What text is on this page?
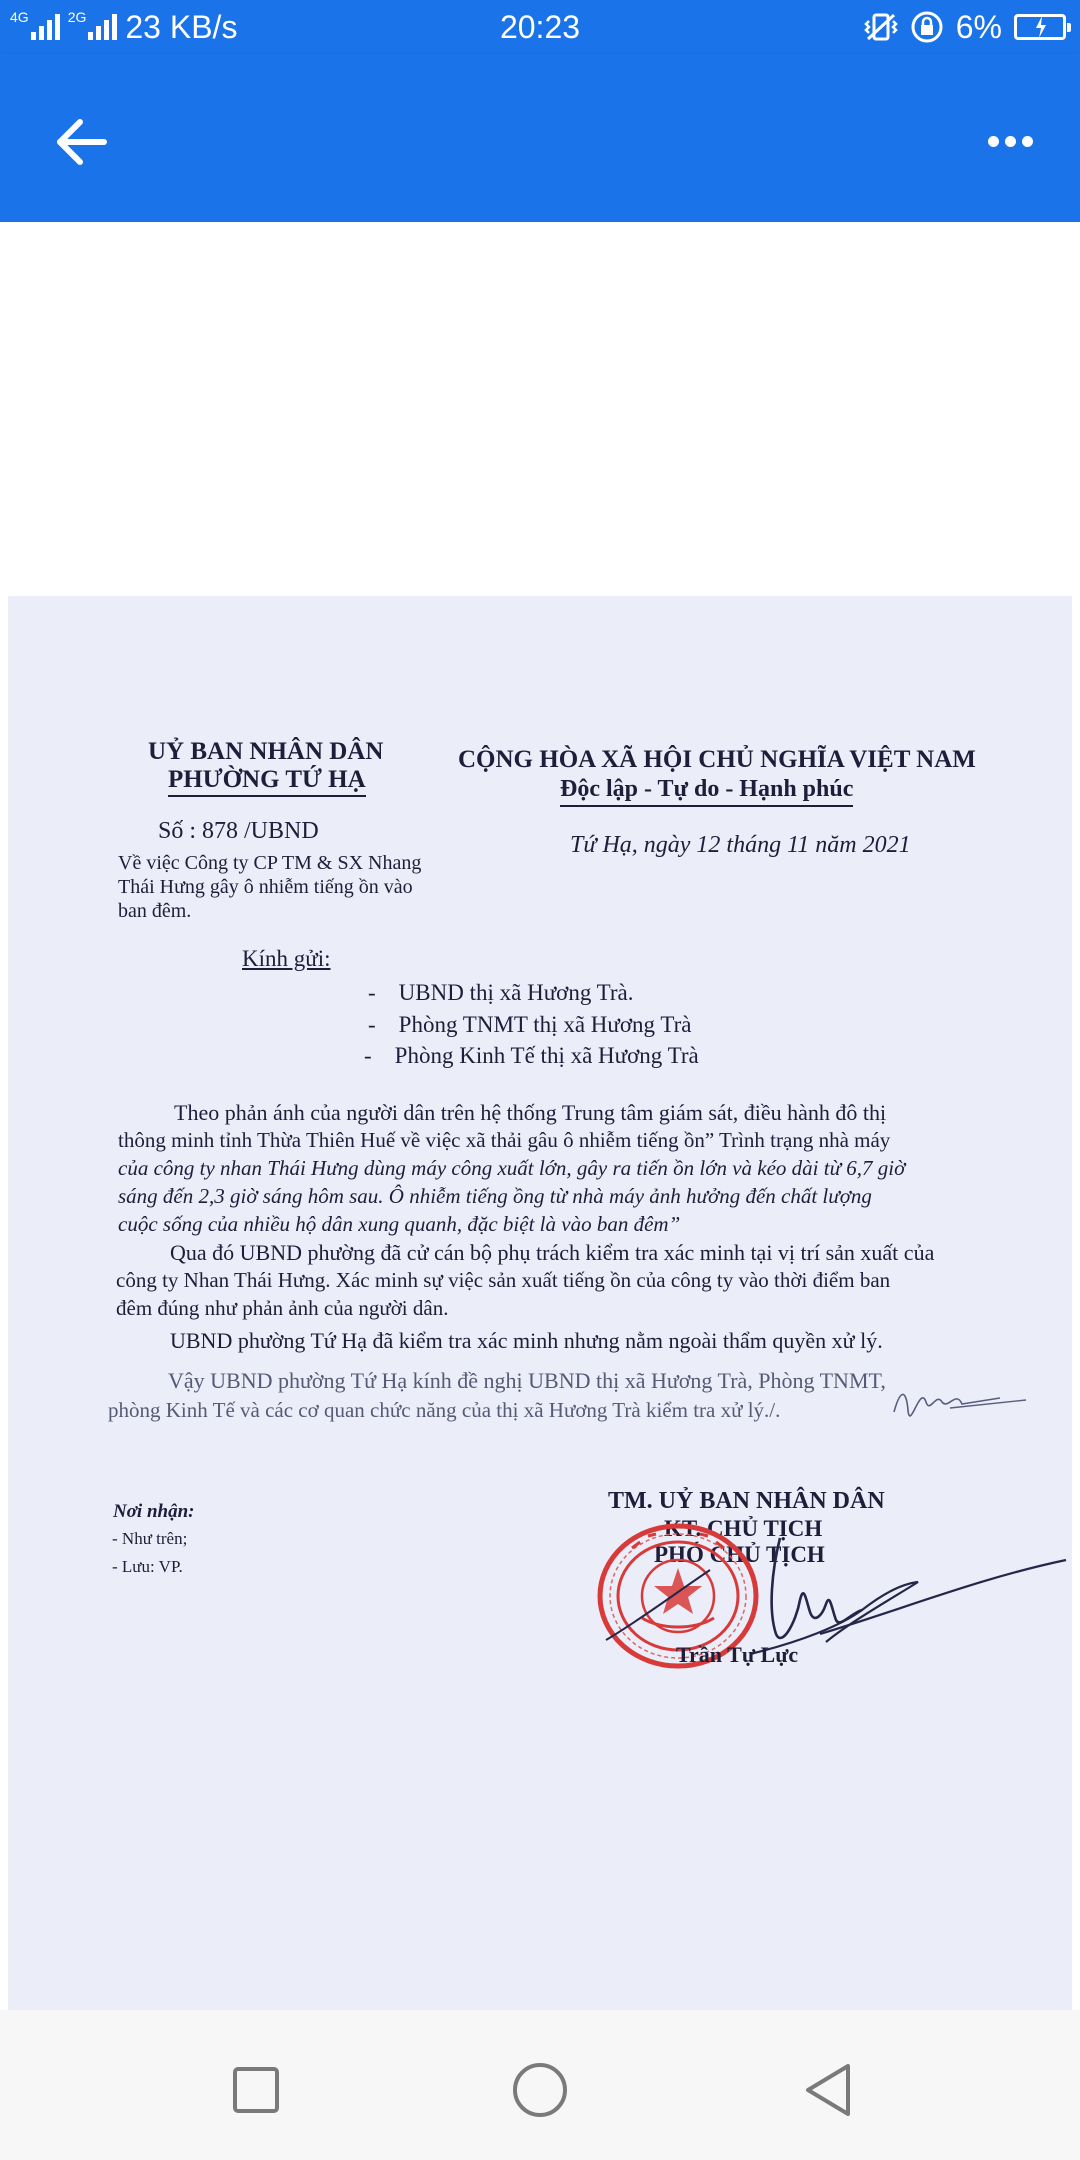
4G	2G 23 KB/s	20:23	6%
UỶ BAN NHÂN DÂN
PHƯỜNG TỨ HẠ
CỘNG HÒA XÃ HỘI CHỦ NGHĨA VIỆT NAM
Độc lập - Tự do - Hạnh phúc
Số : 878 /UBND
Về việc Công ty CP TM & SX Nhang
Thái Hưng gây ô nhiễm tiếng ồn vào
ban đêm.
Tứ Hạ, ngày 12 tháng 11 năm 2021
Kính gửi:
-    UBND thị xã Hương Trà.
-    Phòng TNMT thị xã Hương Trà
-    Phòng Kinh Tế thị xã Hương Trà
Theo phản ánh của người dân trên hệ thống Trung tâm giám sát, điều hành đô thị
thông minh tỉnh Thừa Thiên Huế về việc xã thải gâu ô nhiễm tiếng ồn” Trình trạng nhà máy
của công ty nhan Thái Hưng dùng máy công xuất lớn, gây ra tiến ồn lớn và kéo dài từ 6,7 giờ
sáng đến 2,3 giờ sáng hôm sau. Ô nhiễm tiếng ồng từ nhà máy ảnh hưởng đến chất lượng
cuộc sống của nhiều hộ dân xung quanh, đặc biệt là vào ban đêm”
Qua đó UBND phường đã cử cán bộ phụ trách kiểm tra xác minh tại vị trí sản xuất của
công ty Nhan Thái Hưng. Xác minh sự việc sản xuất tiếng ồn của công ty vào thời điểm ban
đêm đúng như phản ảnh của người dân.
UBND phường Tứ Hạ đã kiểm tra xác minh nhưng nằm ngoài thẩm quyền xử lý.
Vậy UBND phường Tứ Hạ kính đề nghị UBND thị xã Hương Trà, Phòng TNMT,
phòng Kinh Tế và các cơ quan chức năng của thị xã Hương Trà kiểm tra xử lý./.
Nơi nhận:
- Như trên;
- Lưu: VP.
TM. UỶ BAN NHÂN DÂN
KT. CHỦ TỊCH
PHÓ CHỦ TỊCH
Trần Tự Lực
